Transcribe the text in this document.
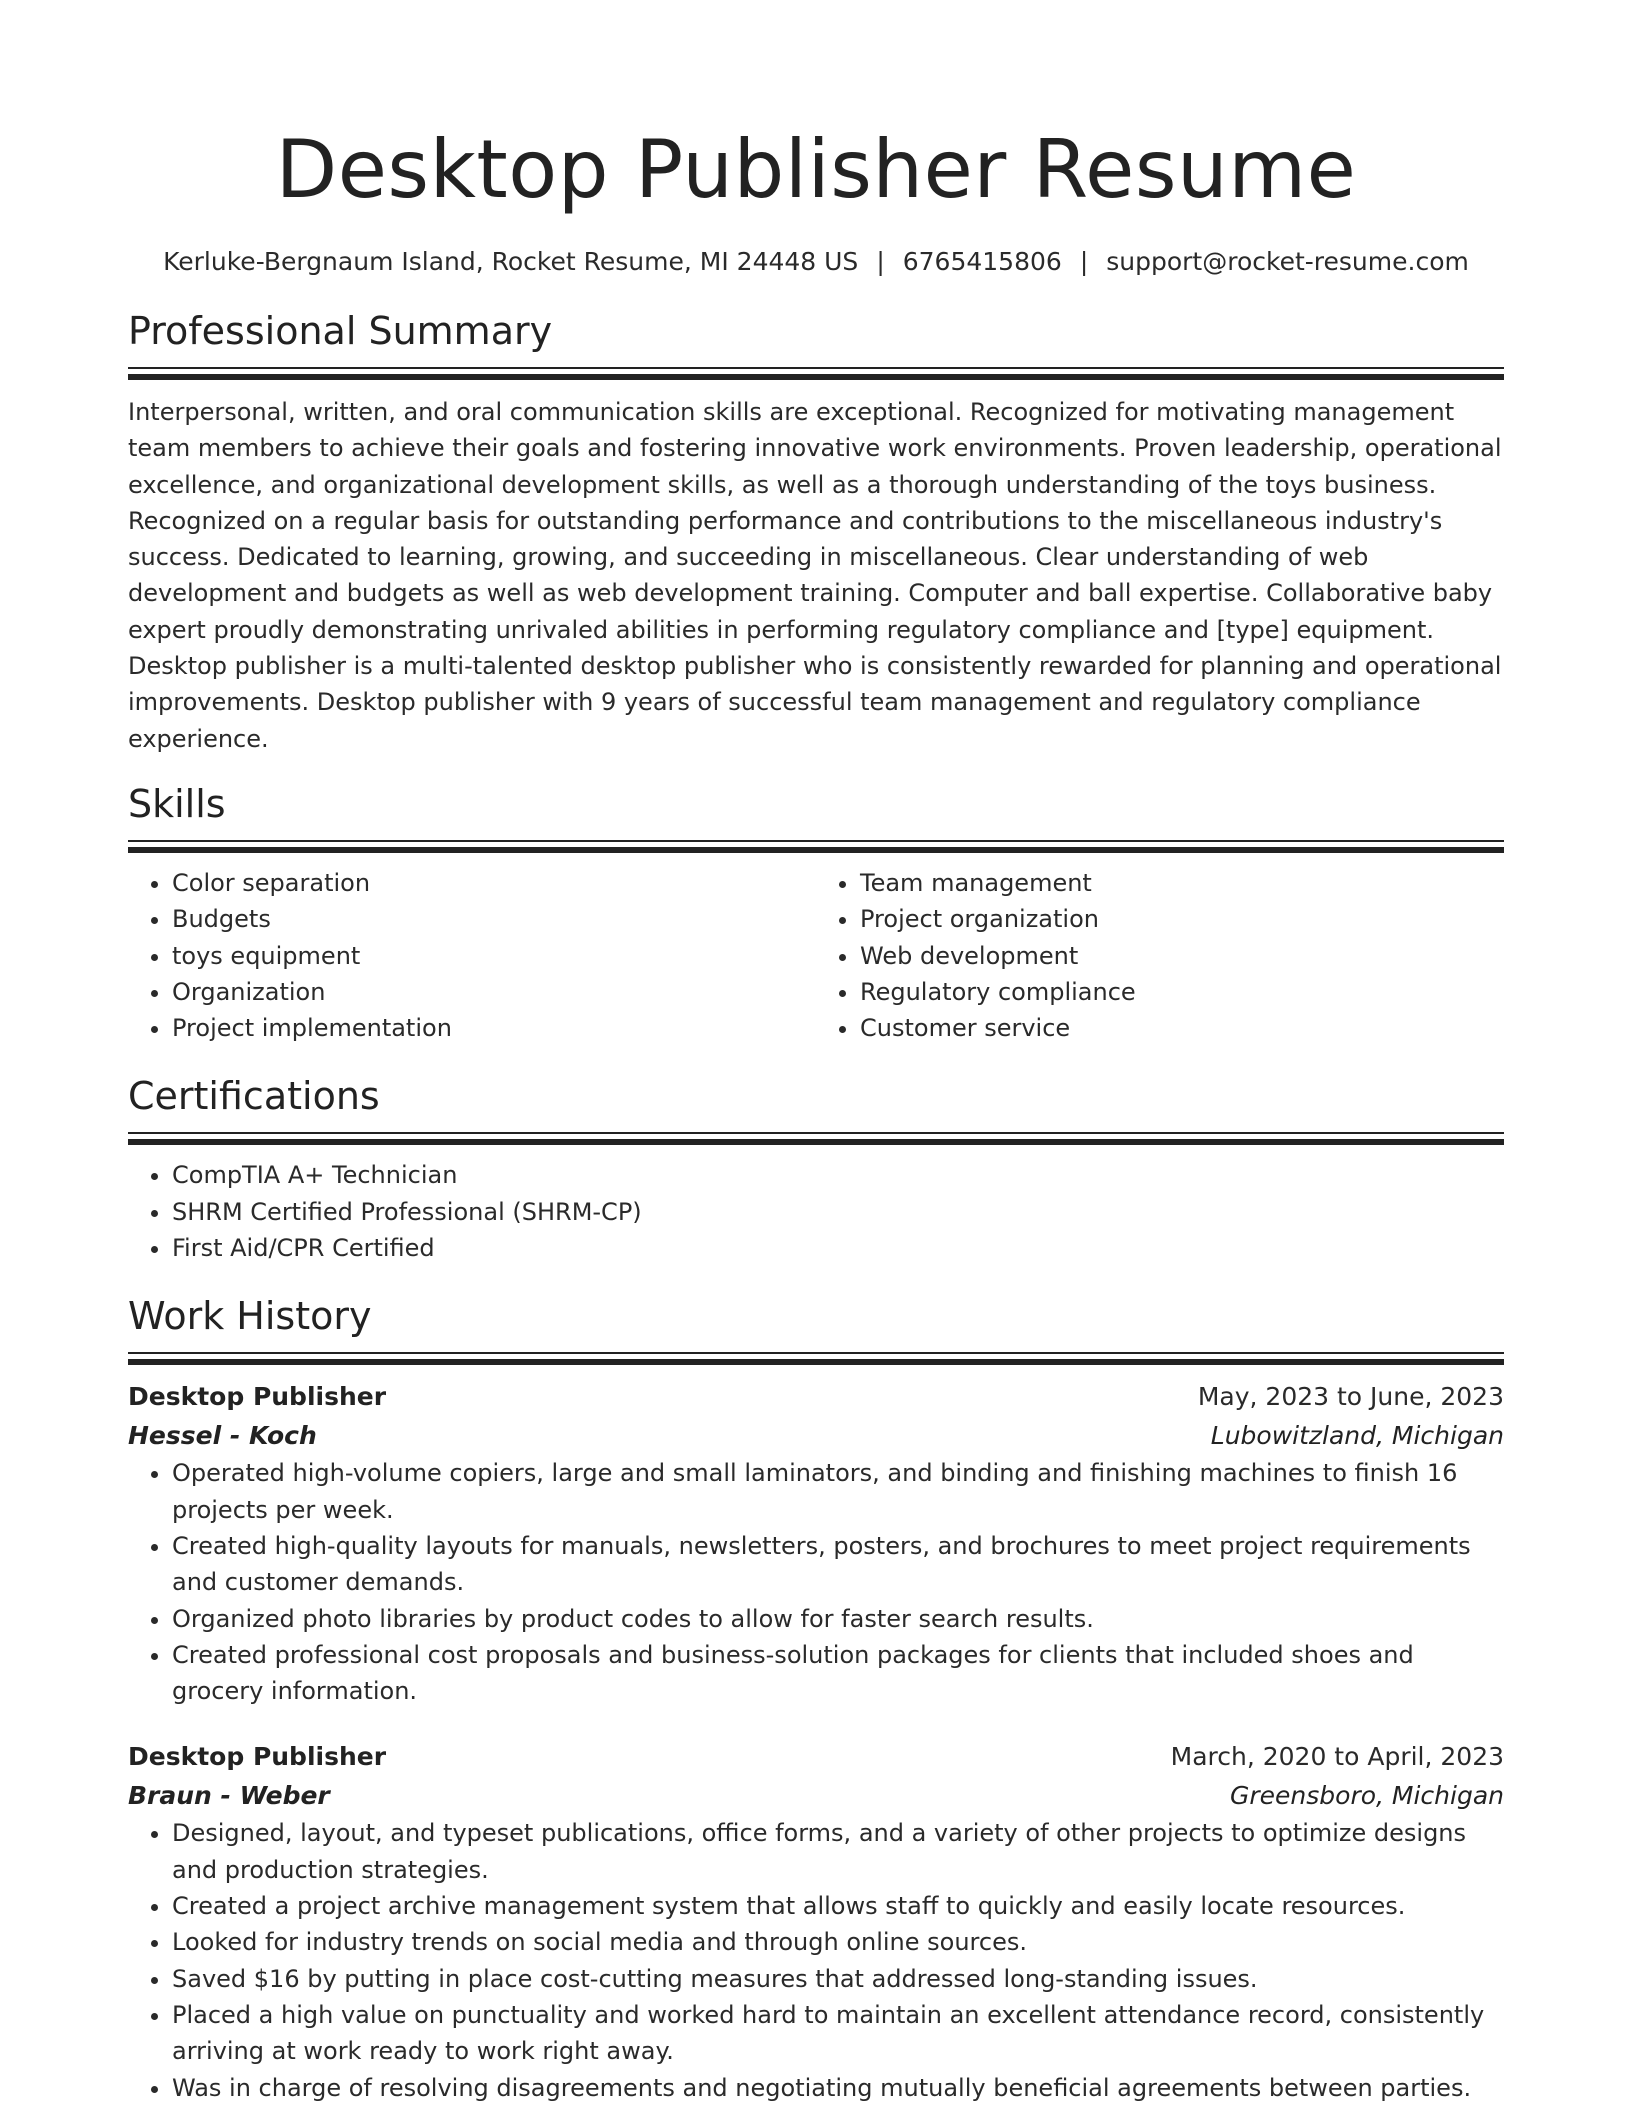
Desktop Publisher Resume
Kerluke-Bergnaum Island, Rocket Resume, MI 24448 US | 6765415806 | support@rocket-resume.com
Professional Summary

Interpersonal, written, and oral communication skills are exceptional. Recognized for motivating management team members to achieve their goals and fostering innovative work environments. Proven leadership, operational excellence, and organizational development skills, as well as a thorough understanding of the toys business. Recognized on a regular basis for outstanding performance and contributions to the miscellaneous industry's success. Dedicated to learning, growing, and succeeding in miscellaneous. Clear understanding of web development and budgets as well as web development training. Computer and ball expertise. Collaborative baby expert proudly demonstrating unrivaled abilities in performing regulatory compliance and [type] equipment. Desktop publisher is a multi-talented desktop publisher who is consistently rewarded for planning and operational improvements. Desktop publisher with 9 years of successful team management and regulatory compliance experience.

Skills
• Color separation
• Budgets
• toys equipment
• Organization
• Project implementation
• Team management
• Project organization
• Web development
• Regulatory compliance
• Customer service
Certifications
• CompTIA A+ Technician
• SHRM Certified Professional (SHRM-CP)
• First Aid/CPR Certified
Work History
Desktop Publisher	May, 2023 to June, 2023
Hessel - Koch	Lubowitzland, Michigan
• Operated high-volume copiers, large and small laminators, and binding and finishing machines to finish 16 projects per week.
• Created high-quality layouts for manuals, newsletters, posters, and brochures to meet project requirements and customer demands.
• Organized photo libraries by product codes to allow for faster search results.
• Created professional cost proposals and business-solution packages for clients that included shoes and grocery information.
Desktop Publisher	March, 2020 to April, 2023
Braun - Weber	Greensboro, Michigan
• Designed, layout, and typeset publications, office forms, and a variety of other projects to optimize designs and production strategies.
• Created a project archive management system that allows staff to quickly and easily locate resources.
• Looked for industry trends on social media and through online sources.
• Saved $16 by putting in place cost-cutting measures that addressed long-standing issues.
• Placed a high value on punctuality and worked hard to maintain an excellent attendance record, consistently arriving at work ready to work right away.
• Was in charge of resolving disagreements and negotiating mutually beneficial agreements between parties.
